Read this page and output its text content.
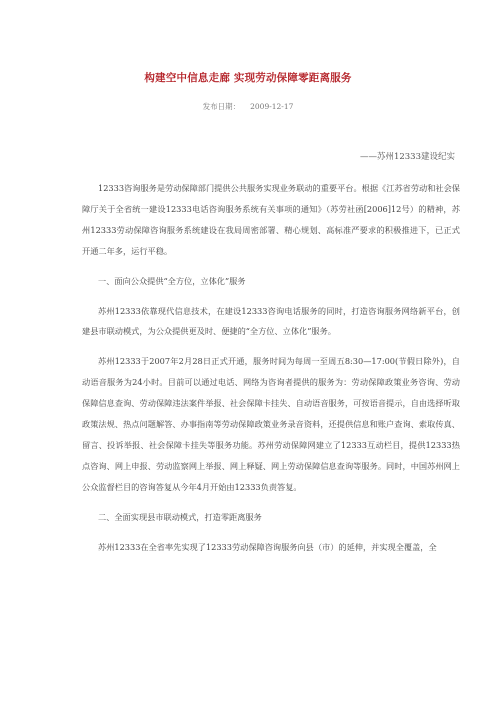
构建空中信息走廊 实现劳动保障零距离服务
发布日期： 2009-12-17
——苏州12333建设纪实

12333咨询服务是劳动保障部门提供公共服务实现业务联动的重要平台。根据《江苏省劳动和社会保障厅关于全省统一建设12333电话咨询服务系统有关事项的通知》（苏劳社函[2006]12号）的精神，苏州12333劳动保障咨询服务系统建设在我局周密部署、精心规划、高标准严要求的积极推进下，已正式开通二年多，运行平稳。

一、面向公众提供“全方位，立体化”服务

苏州12333依靠现代信息技术，在建设12333咨询电话服务的同时，打造咨询服务网络新平台，创建县市联动模式，为公众提供更及时、便捷的“全方位、立体化”服务。

苏州12333于2007年2月28日正式开通，服务时间为每周一至周五8:30—17:00(节假日除外)，自动语音服务为24小时。目前可以通过电话、网络为咨询者提供的服务为：劳动保障政策业务咨询、劳动保障信息查询、劳动保障违法案件举报、社会保障卡挂失、自动语音服务，可按语音提示，自由选择听取政策法规、热点问题解答、办事指南等劳动保障政策业务录音资料，还提供信息和账户查询、索取传真、留言、投诉举报、社会保障卡挂失等服务功能。苏州劳动保障网建立了12333互动栏目，提供12333热点咨询、网上申报、劳动监察网上举报、网上释疑、网上劳动保障信息查询等服务。同时，中国苏州网上公众监督栏目的咨询答复从今年4月开始由12333负责答复。

二、全面实现县市联动模式，打造零距离服务

苏州12333在全省率先实现了12333劳动保障咨询服务向县（市）的延伸，并实现全覆盖，全
